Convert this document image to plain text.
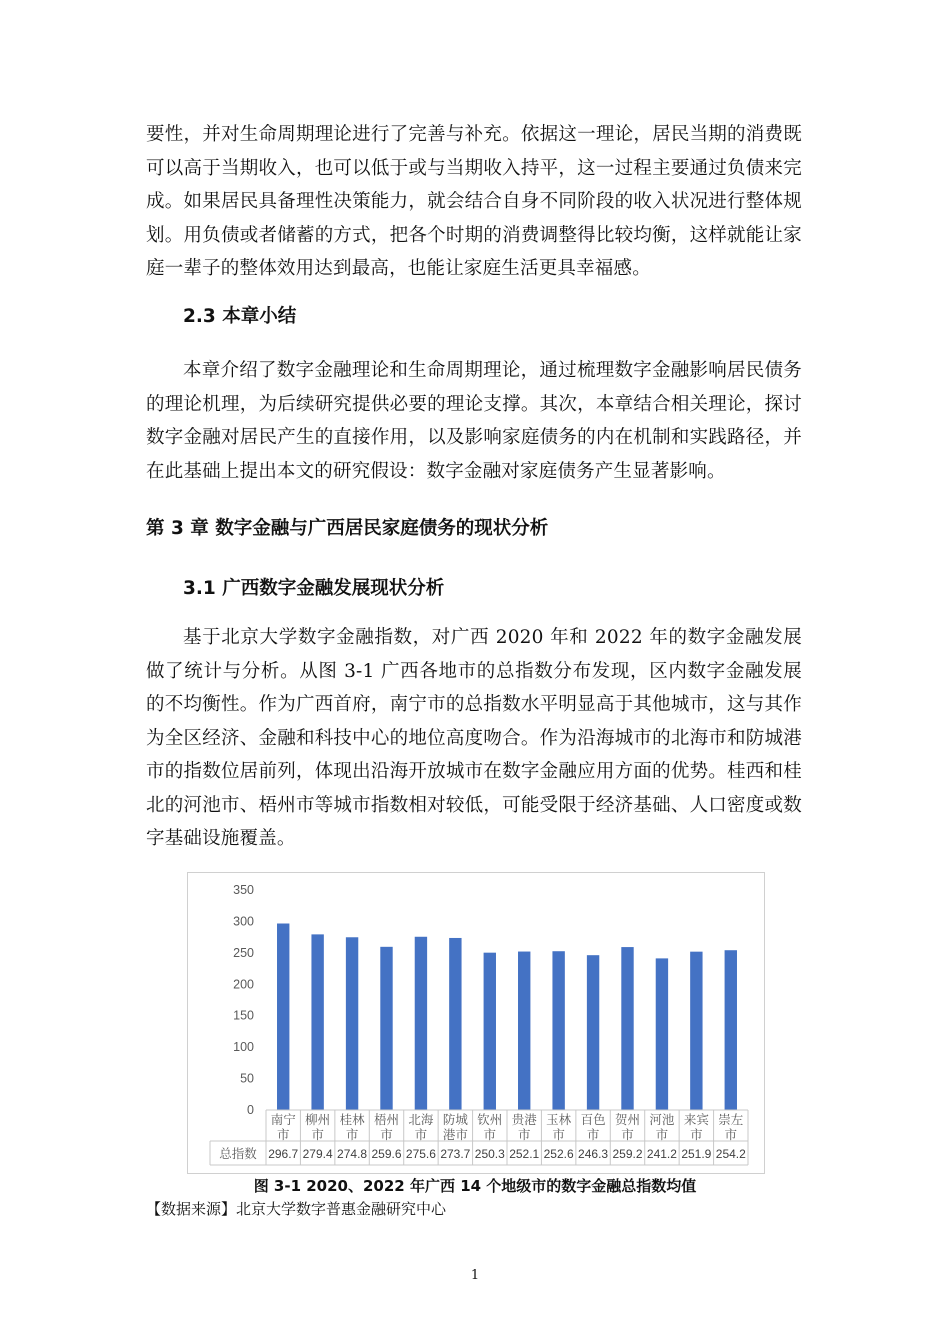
要性，并对生命周期理论进行了完善与补充。依据这一理论，居民当期的消费既可以高于当期收入，也可以低于或与当期收入持平，这一过程主要通过负债来完成。如果居民具备理性决策能力，就会结合自身不同阶段的收入状况进行整体规划。用负债或者储蓄的方式，把各个时期的消费调整得比较均衡，这样就能让家庭一辈子的整体效用达到最高，也能让家庭生活更具幸福感。

2.3 本章小结

本章介绍了数字金融理论和生命周期理论，通过梳理数字金融影响居民债务的理论机理，为后续研究提供必要的理论支撑。其次，本章结合相关理论，探讨数字金融对居民产生的直接作用，以及影响家庭债务的内在机制和实践路径，并在此基础上提出本文的研究假设：数字金融对家庭债务产生显著影响。

第 3 章 数字金融与广西居民家庭债务的现状分析

3.1 广西数字金融发展现状分析

基于北京大学数字金融指数，对广西 2020 年和 2022 年的数字金融发展做了统计与分析。从图 3-1 广西各地市的总指数分布发现，区内数字金融发展的不均衡性。作为广西首府，南宁市的总指数水平明显高于其他城市，这与其作为全区经济、金融和科技中心的地位高度吻合。作为沿海城市的北海市和防城港市的指数位居前列，体现出沿海开放城市在数字金融应用方面的优势。桂西和桂北的河池市、梧州市等城市指数相对较低，可能受限于经济基础、人口密度或数字基础设施覆盖。

0
50
100
150
200
250
300
350
南宁
市
柳州
市
桂林
市
梧州
市
北海
市
防城
港市
钦州
市
贵港
市
玉林
市
百色
市
贺州
市
河池
市
来宾
市
崇左
市
总指数 296.7 279.4 274.8 259.6 275.6 273.7 250.3 252.1 252.6 246.3 259.2 241.2 251.9 254.2

图 3-1 2020、2022 年广西 14 个地级市的数字金融总指数均值

【数据来源】北京大学数字普惠金融研究中心

1
